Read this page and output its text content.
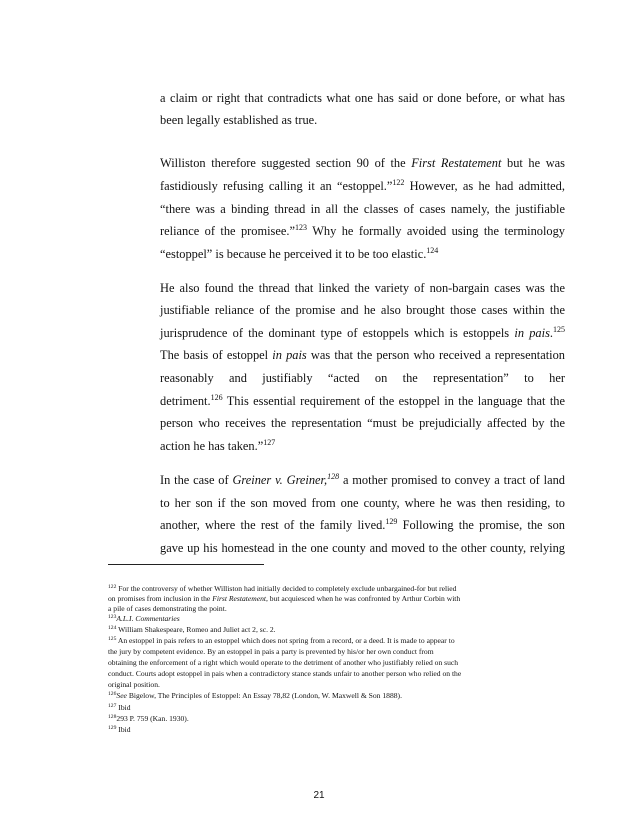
a claim or right that contradicts what one has said or done before, or what has
been legally established as true.
Williston therefore suggested section 90 of the First Restatement but he was
fastidiously refusing calling it an “estoppel.”$^{122}$ However, as he had admitted,
“there was a binding thread in all the classes of cases namely, the justifiable
reliance of the promisee.”$^{123}$ Why he formally avoided using the terminology
“estoppel” is because he perceived it to be too elastic.$^{124}$
He also found the thread that linked the variety of non-bargain cases was the
justifiable reliance of the promise and he also brought those cases within the
jurisprudence of the dominant type of estoppels which is estoppels in pais.$^{125}$
The basis of estoppel in pais was that the person who received a representation
reasonably and justifiably “acted on the representation” to her
detriment.$^{126}$ This essential requirement of the estoppel in the language that the
person who receives the representation “must be prejudicially affected by the
action he has taken.”$^{127}$
In the case of Greiner v. Greiner,$^{128}$ a mother promised to convey a tract of land
to her son if the son moved from one county, where he was then residing, to
another, where the rest of the family lived.$^{129}$ Following the promise, the son
gave up his homestead in the one county and moved to the other county, relying
$^{122}$ For the controversy of whether Williston had initially decided to completely exclude unbargained-for but relied
on promises from inclusion in the First Restatement, but acquiesced when he was confronted by Arthur Corbin with
a pile of cases demonstrating the point.
$^{123}$A.L.I. Commentaries
$^{124}$ William Shakespeare, Romeo and Juliet act 2, sc. 2.
$^{125}$ An estoppel in pais refers to an estoppel which does not spring from a record, or a deed. It is made to appear to
the jury by competent evidence. By an estoppel in pais a party is prevented by his/or her own conduct from
obtaining the enforcement of a right which would operate to the detriment of another who justifiably relied on such
conduct. Courts adopt estoppel in pais when a contradictory stance stands unfair to another person who relied on the
original position.
$^{126}$See Bigelow, The Principles of Estoppel: An Essay 78,82 (London, W. Maxwell & Son 1888).
$^{127}$ Ibid
$^{128}$293 P. 759 (Kan. 1930).
$^{129}$ Ibid
21
